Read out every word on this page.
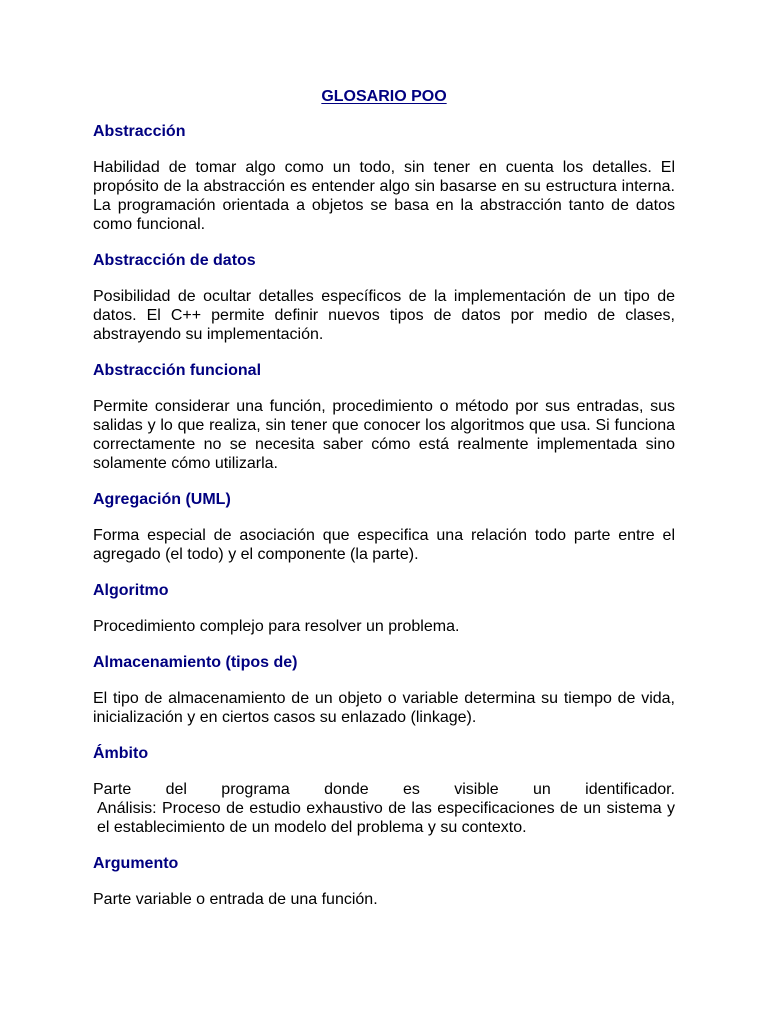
GLOSARIO POO
Abstracción
Habilidad de tomar algo como un todo, sin tener en cuenta los detalles. El propósito de la abstracción es entender algo sin basarse en su estructura interna. La programación orientada a objetos se basa en la abstracción tanto de datos como funcional.
Abstracción de datos
Posibilidad de ocultar detalles específicos de la implementación de un tipo de datos. El C++ permite definir nuevos tipos de datos por medio de clases, abstrayendo su implementación.
Abstracción funcional
Permite considerar una función, procedimiento o método por sus entradas, sus salidas y lo que realiza, sin tener que conocer los algoritmos que usa. Si funciona correctamente no se necesita saber cómo está realmente implementada sino solamente cómo utilizarla.
Agregación (UML)
Forma especial de asociación que especifica una relación todo parte entre el agregado (el todo) y el componente (la parte).
Algoritmo
Procedimiento complejo para resolver un problema.
Almacenamiento (tipos de)
El tipo de almacenamiento de un objeto o variable determina su tiempo de vida, inicialización y en ciertos casos su enlazado (linkage).
Ámbito
Parte del programa donde es visible un identificador.
Análisis: Proceso de estudio exhaustivo de las especificaciones de un sistema y el establecimiento de un modelo del problema y su contexto.
Argumento
Parte variable o entrada de una función.
